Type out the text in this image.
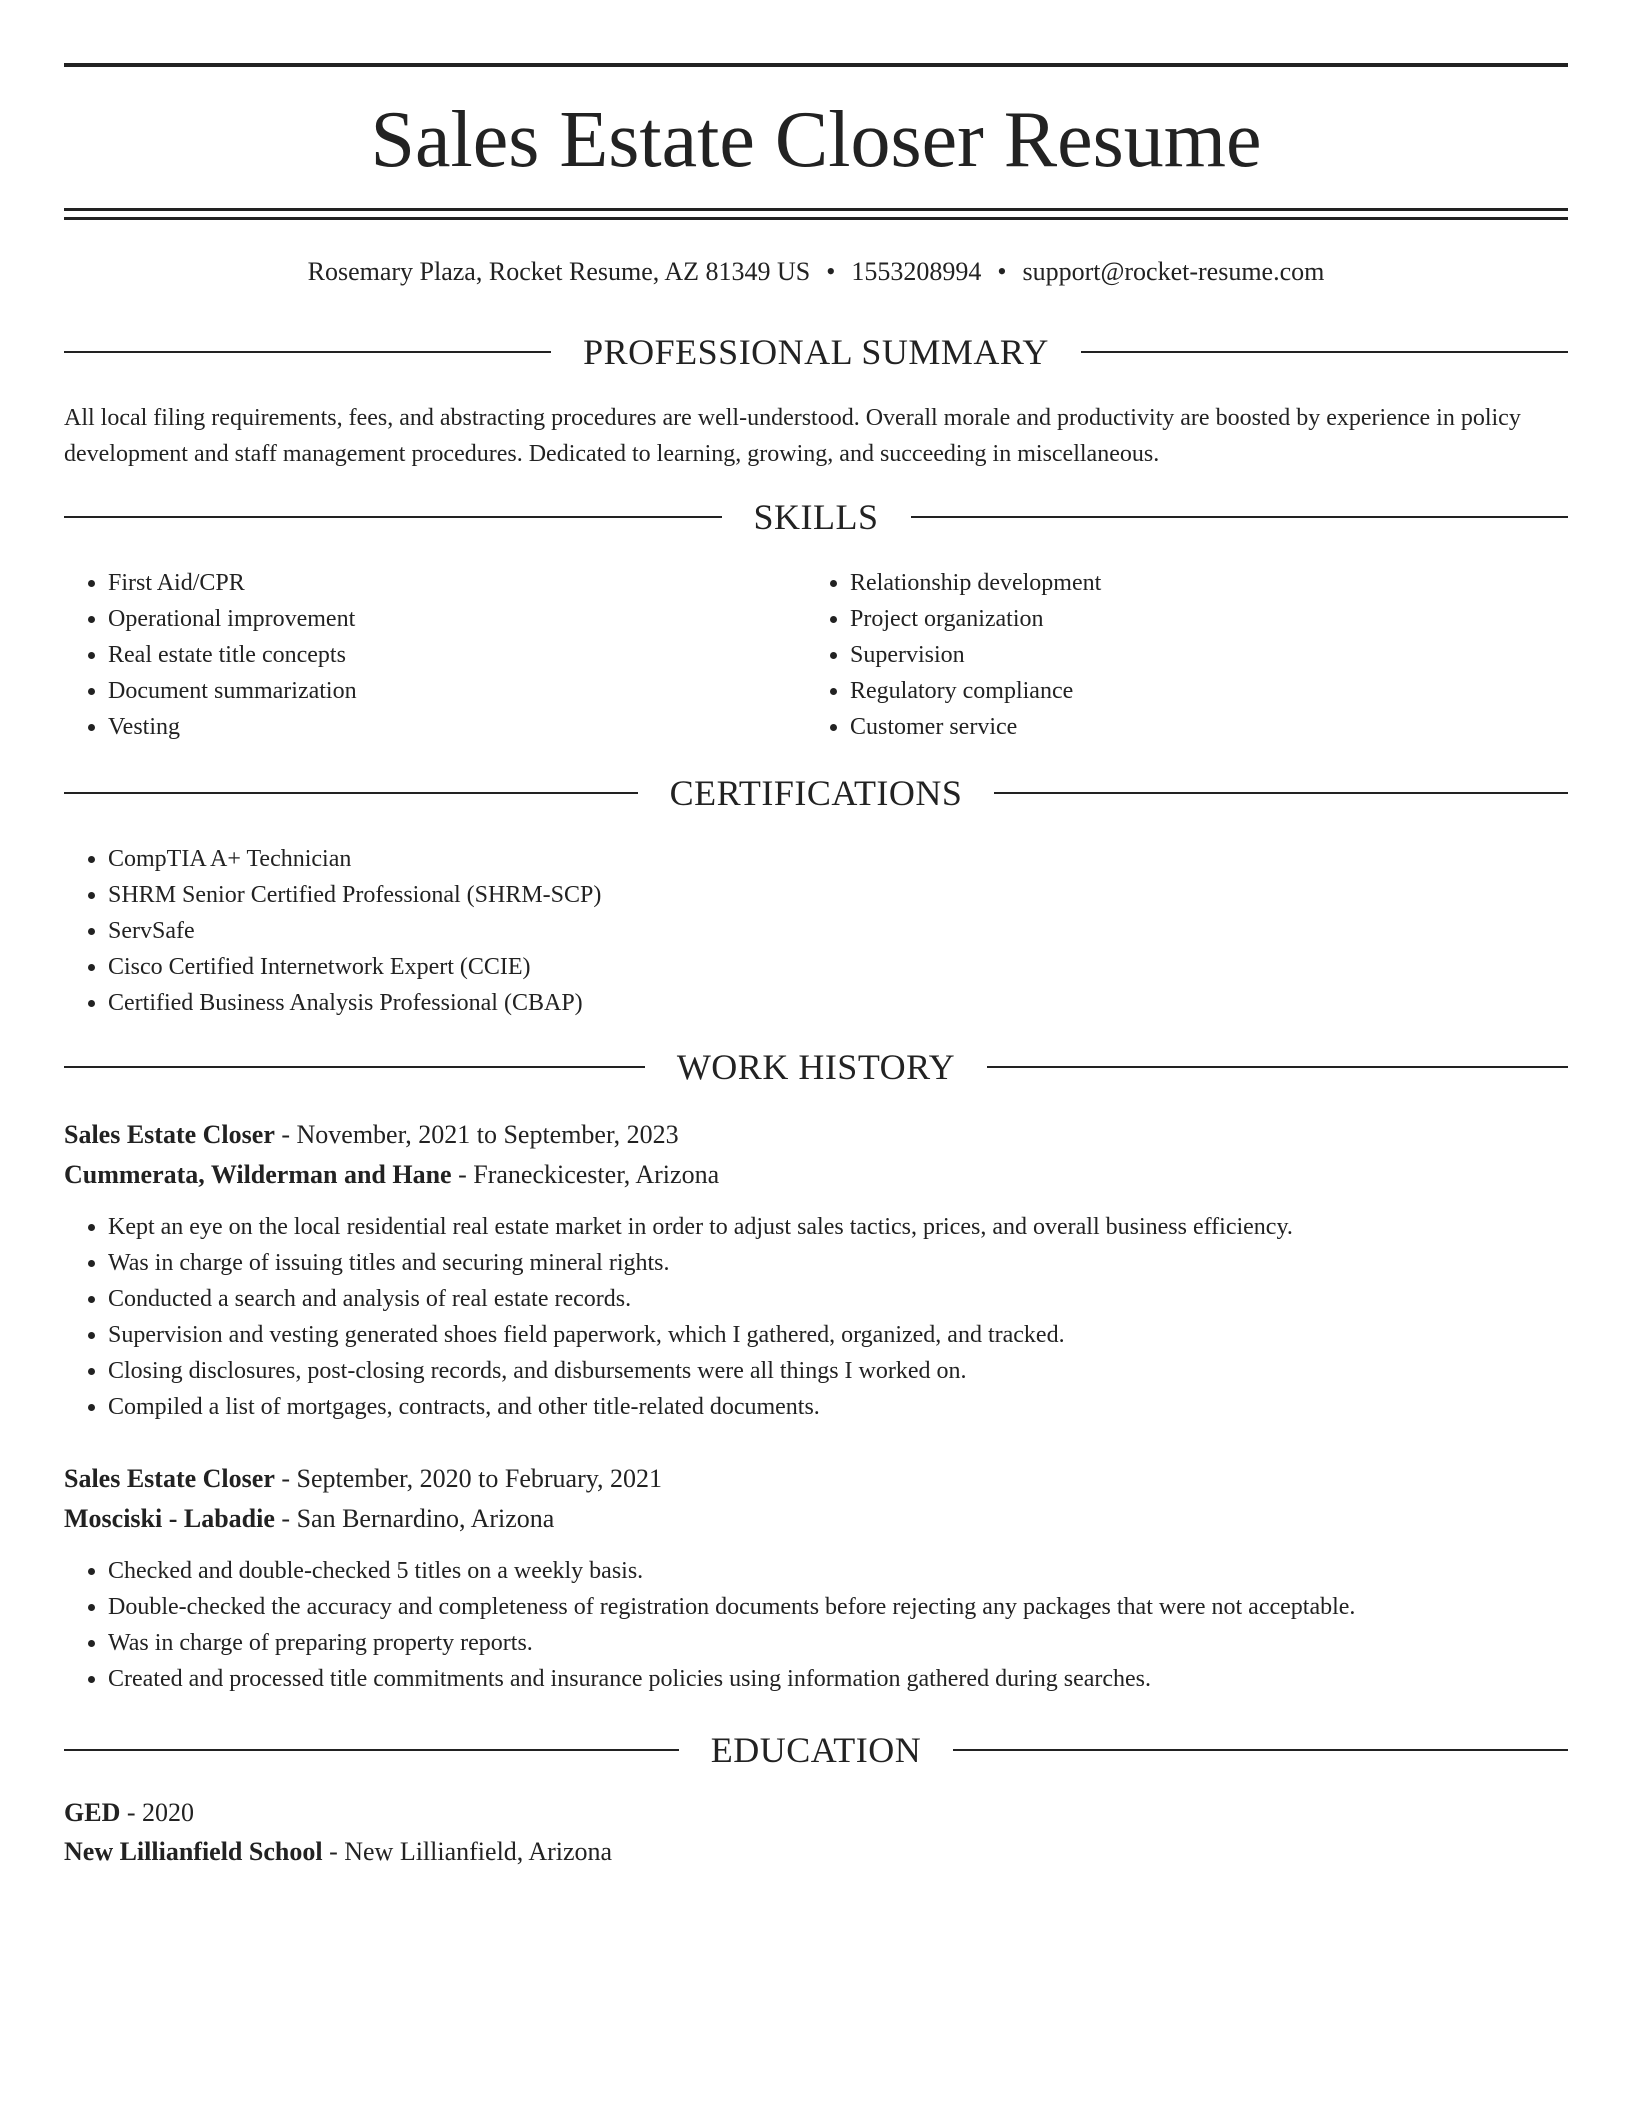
Sales Estate Closer Resume
Rosemary Plaza, Rocket Resume, AZ 81349 US • 1553208994 • support@rocket-resume.com
PROFESSIONAL SUMMARY

All local filing requirements, fees, and abstracting procedures are well-understood. Overall morale and productivity are boosted by experience in policy development and staff management procedures. Dedicated to learning, growing, and succeeding in miscellaneous.

SKILLS
• First Aid/CPR
• Operational improvement
• Real estate title concepts
• Document summarization
• Vesting
• Relationship development
• Project organization
• Supervision
• Regulatory compliance
• Customer service
CERTIFICATIONS
• CompTIA A+ Technician
• SHRM Senior Certified Professional (SHRM-SCP)
• ServSafe
• Cisco Certified Internetwork Expert (CCIE)
• Certified Business Analysis Professional (CBAP)
WORK HISTORY
Sales Estate Closer - November, 2021 to September, 2023
Cummerata, Wilderman and Hane - Franeckicester, Arizona
• Kept an eye on the local residential real estate market in order to adjust sales tactics, prices, and overall business efficiency.
• Was in charge of issuing titles and securing mineral rights.
• Conducted a search and analysis of real estate records.
• Supervision and vesting generated shoes field paperwork, which I gathered, organized, and tracked.
• Closing disclosures, post-closing records, and disbursements were all things I worked on.
• Compiled a list of mortgages, contracts, and other title-related documents.
Sales Estate Closer - September, 2020 to February, 2021
Mosciski - Labadie - San Bernardino, Arizona
• Checked and double-checked 5 titles on a weekly basis.
• Double-checked the accuracy and completeness of registration documents before rejecting any packages that were not acceptable.
• Was in charge of preparing property reports.
• Created and processed title commitments and insurance policies using information gathered during searches.
EDUCATION
GED - 2020
New Lillianfield School - New Lillianfield, Arizona
